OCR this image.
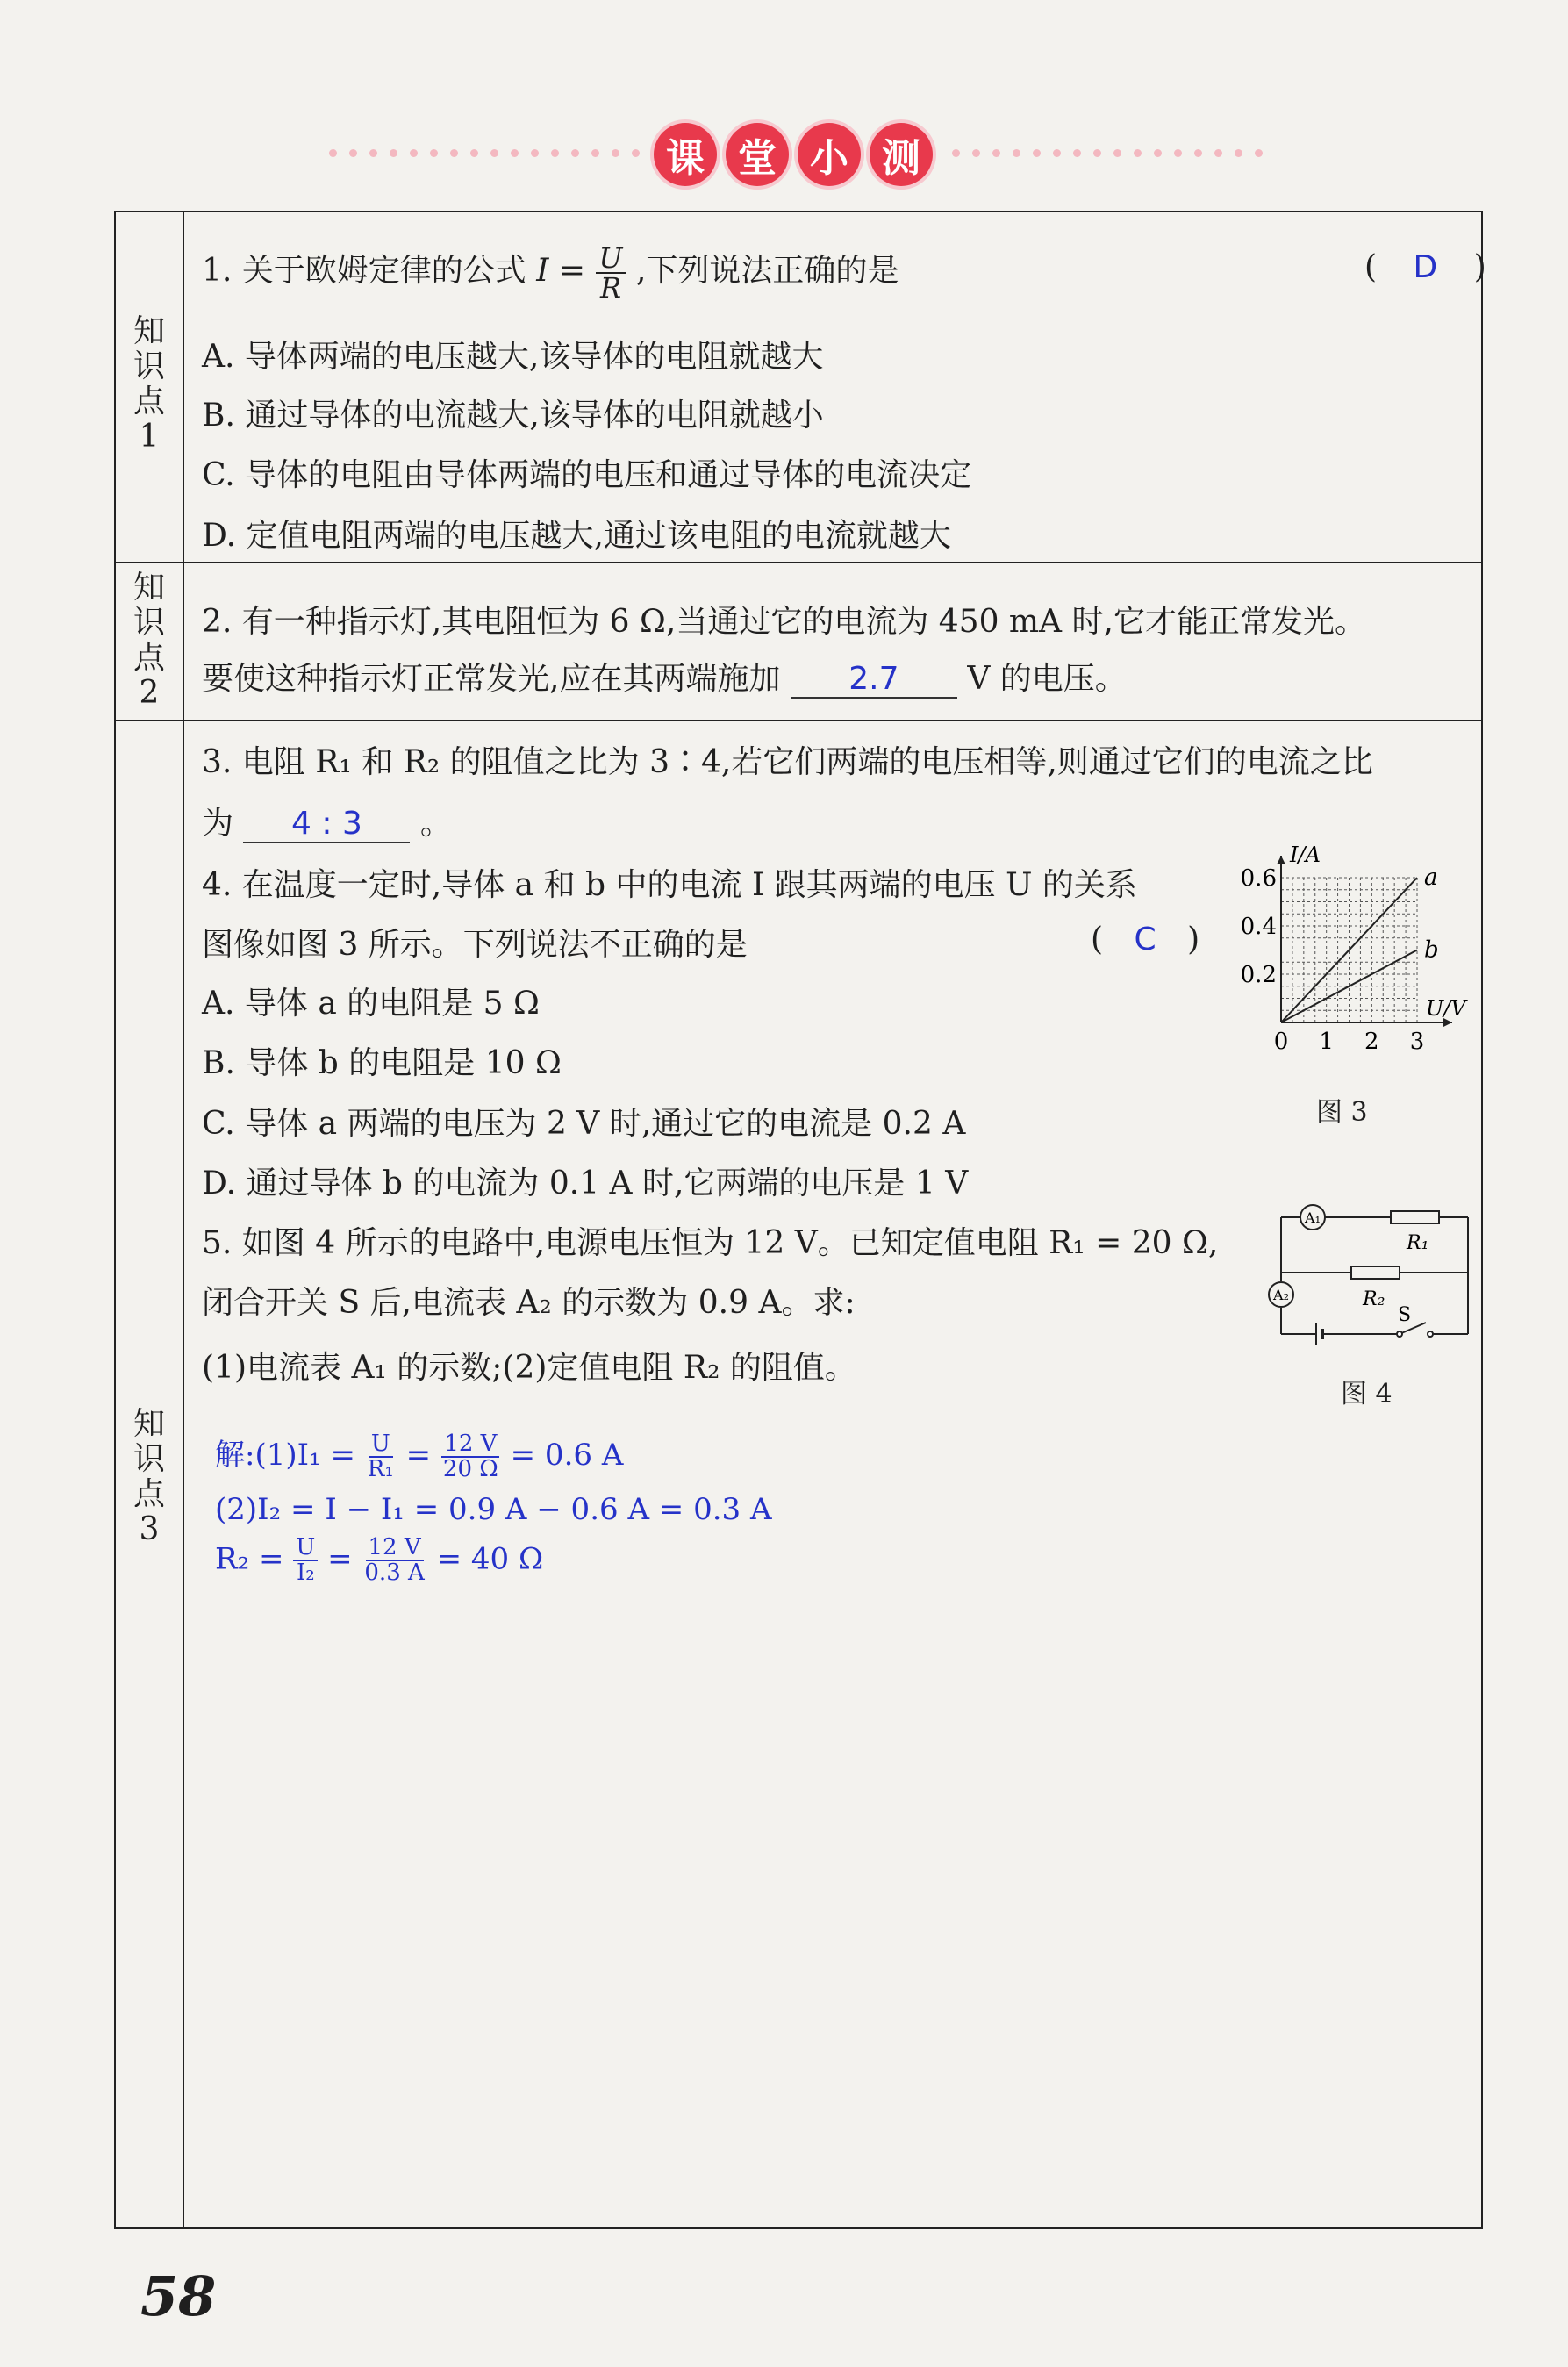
课 堂 小 测
知
识
点
1
知
识
点
2
知
识
点
3
1. 关于欧姆定律的公式 $I = \frac{U}{R}$ ,下列说法正确的是	( D )
A. 导体两端的电压越大,该导体的电阻就越大
B. 通过导体的电流越大,该导体的电阻就越小
C. 导体的电阻由导体两端的电压和通过导体的电流决定
D. 定值电阻两端的电压越大,通过该电阻的电流就越大
2. 有一种指示灯,其电阻恒为 6 Ω,当通过它的电流为 450 mA 时,它才能正常发光。
要使这种指示灯正常发光,应在其两端施加 2.7 V 的电压。
3. 电阻 R₁ 和 R₂ 的阻值之比为 3∶4,若它们两端的电压相等,则通过它们的电流之比
为 4 : 3 。
4. 在温度一定时,导体 a 和 b 中的电流 I 跟其两端的电压 U 的关系
图像如图 3 所示。下列说法不正确的是	( C )
A. 导体 a 的电阻是 5 Ω
B. 导体 b 的电阻是 10 Ω
C. 导体 a 两端的电压为 2 V 时,通过它的电流是 0.2 A
D. 通过导体 b 的电流为 0.1 A 时,它两端的电压是 1 V
0 1 2 3
0.2
0.4
0.6
I/A
U/V
a
b
图 3
5. 如图 4 所示的电路中,电源电压恒为 12 V。已知定值电阻 R₁ = 20 Ω,
闭合开关 S 后,电流表 A₂ 的示数为 0.9 A。求:
(1)电流表 A₁ 的示数;(2)定值电阻 R₂ 的阻值。
A₁
A₂
R₁
R₂
S
图 4
解:(1)I₁ = $\frac{U}{\text{R₁}} = \frac{12 V}{20 \Omega} = 0.6$ A
(2)I₂ = I − I₁ = 0.9 A − 0.6 A = 0.3 A
$R_2 = \frac{U}{\text{I₂}} = \frac{12 V}{0.3 A} = 40$ Ω
58
